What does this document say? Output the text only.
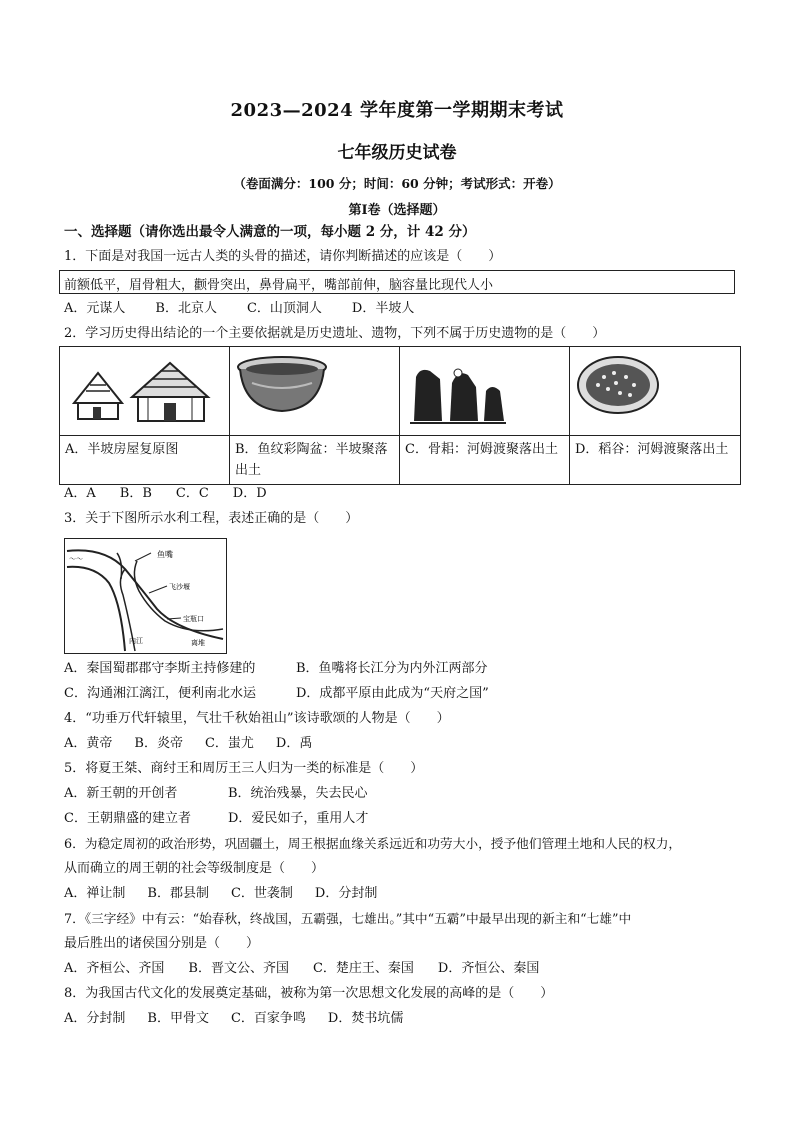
2023—2024 学年度第一学期期末考试
七年级历史试卷
（卷面满分：100 分；时间：60 分钟；考试形式：开卷）
第Ⅰ卷（选择题）
一、选择题（请你选出最令人满意的一项，每小题 2 分，计 42 分）
1．下面是对我国一远古人类的头骨的描述，请你判断描述的应该是（　　）
前额低平，眉骨粗大，颧骨突出，鼻骨扁平，嘴部前伸，脑容量比现代人小
A．元谋人 B．北京人 C．山顶洞人 D．半坡人
2．学习历史得出结论的一个主要依据就是历史遗址、遗物，下列不属于历史遗物的是（　　）

A．半坡房屋复原图	B．鱼纹彩陶盆：半坡聚落出土	C．骨耜：河姆渡聚落出土	D．稻谷：河姆渡聚落出土
A．A B．B C．C D．D
3．关于下图所示水利工程，表述正确的是（　　）
～～	鱼嘴
飞沙堰
宝瓶口
离堆
内江
A．秦国蜀郡郡守李斯主持修建的	B．鱼嘴将长江分为内外江两部分
C．沟通湘江漓江，便利南北水运	D．成都平原由此成为“天府之国”
4．“功垂万代轩辕里，气壮千秋始祖山”该诗歌颂的人物是（　　）
A．黄帝 B．炎帝 C．蚩尤 D．禹
5．将夏王桀、商纣王和周厉王三人归为一类的标准是（　　）
A．新王朝的开创者	B．统治残暴，失去民心
C．王朝鼎盛的建立者	D．爱民如子，重用人才
6．为稳定周初的政治形势，巩固疆土，周王根据血缘关系远近和功劳大小，授予他们管理土地和人民的权力，
从而确立的周王朝的社会等级制度是（　　）
A．禅让制 B．郡县制 C．世袭制 D．分封制
7．《三字经》中有云：“始春秋，终战国，五霸强，七雄出。”其中“五霸”中最早出现的新主和“七雄”中
最后胜出的诸侯国分别是（　　）
A．齐桓公、齐国 B．晋文公、齐国 C．楚庄王、秦国 D．齐恒公、秦国
8．为我国古代文化的发展奠定基础，被称为第一次思想文化发展的高峰的是（　　）
A．分封制 B．甲骨文 C．百家争鸣 D．焚书坑儒
